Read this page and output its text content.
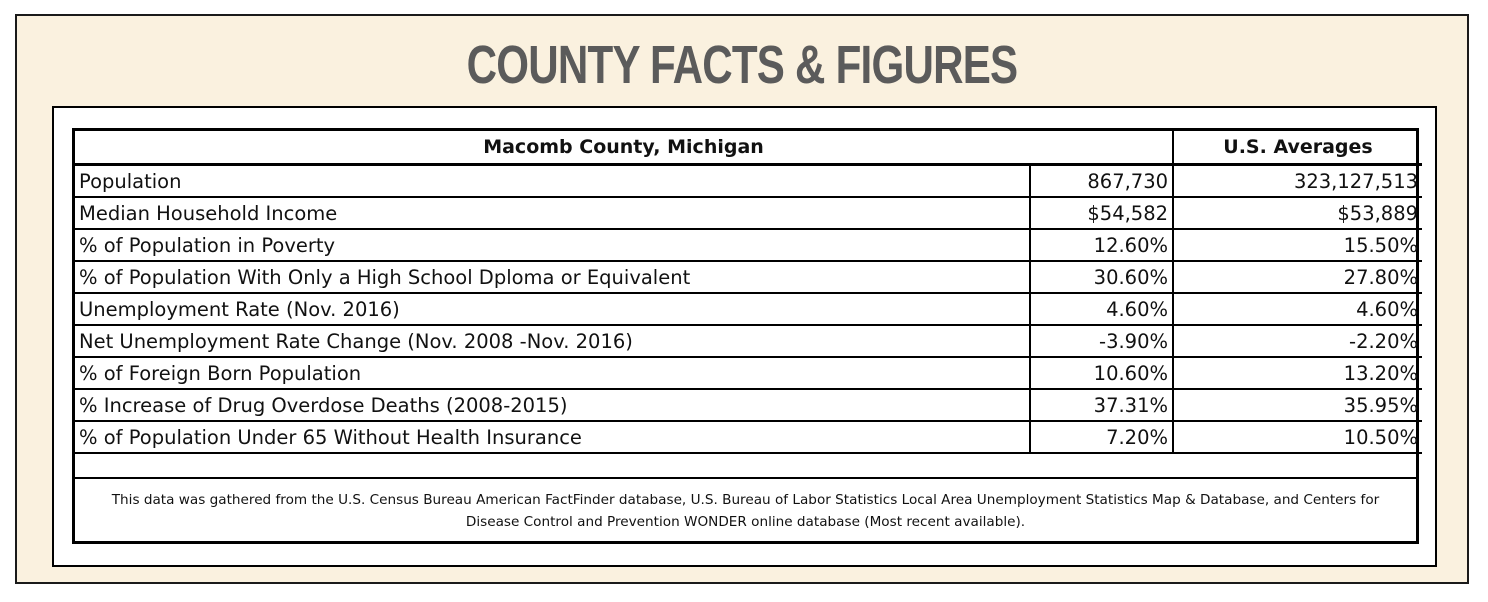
COUNTY FACTS & FIGURES
Macomb County, Michigan		U.S. Averages
Population	867,730	323,127,513
Median Household Income	$54,582	$53,889
% of Population in Poverty	12.60%	15.50%
% of Population With Only a High School Dploma or Equivalent	30.60%	27.80%
Unemployment Rate (Nov. 2016)	4.60%	4.60%
Net Unemployment Rate Change (Nov. 2008 -Nov. 2016)	-3.90%	-2.20%
% of Foreign Born Population	10.60%	13.20%
% Increase of Drug Overdose Deaths (2008-2015)	37.31%	35.95%
% of Population Under 65 Without Health Insurance	7.20%	10.50%
This data was gathered from the U.S. Census Bureau American FactFinder database, U.S. Bureau of Labor Statistics Local Area Unemployment Statistics Map & Database, and Centers for Disease Control and Prevention WONDER online database (Most recent available).
